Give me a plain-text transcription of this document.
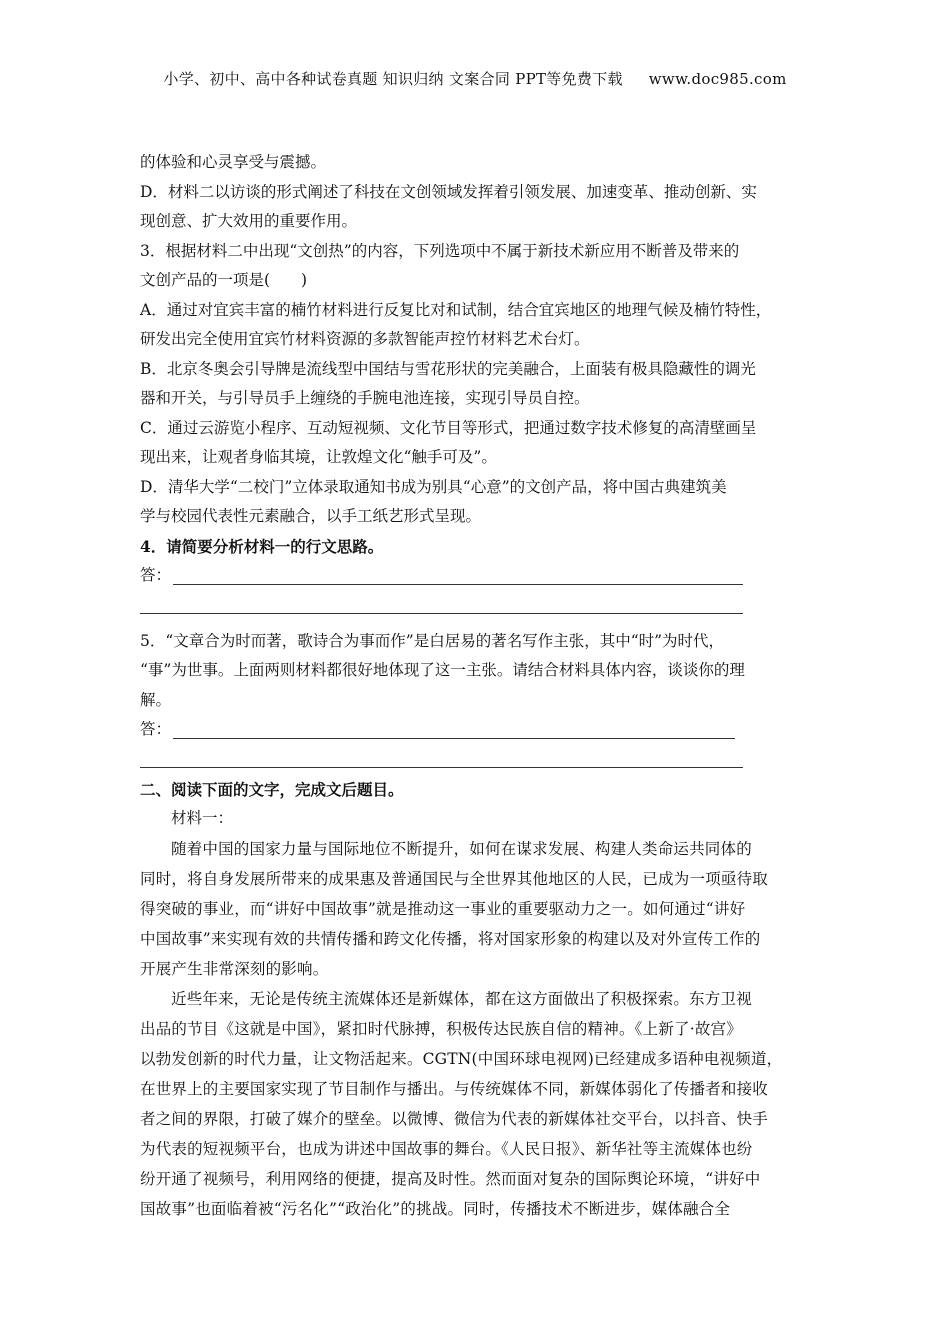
小学、初中、高中各种试卷真题 知识归纳 文案合同 PPT等免费下载 www.doc985.com
的体验和心灵享受与震撼。
D．材料二以访谈的形式阐述了科技在文创领域发挥着引领发展、加速变革、推动创新、实
现创意、扩大效用的重要作用。
3．根据材料二中出现“文创热”的内容，下列选项中不属于新技术新应用不断普及带来的
文创产品的一项是(　　)
A．通过对宜宾丰富的楠竹材料进行反复比对和试制，结合宜宾地区的地理气候及楠竹特性，
研发出完全使用宜宾竹材料资源的多款智能声控竹材料艺术台灯。
B．北京冬奥会引导牌是流线型中国结与雪花形状的完美融合，上面装有极具隐藏性的调光
器和开关，与引导员手上缠绕的手腕电池连接，实现引导员自控。
C．通过云游览小程序、互动短视频、文化节目等形式，把通过数字技术修复的高清壁画呈
现出来，让观者身临其境，让敦煌文化“触手可及”。
D．清华大学“二校门”立体录取通知书成为别具“心意”的文创产品，将中国古典建筑美
学与校园代表性元素融合，以手工纸艺形式呈现。
4．请简要分析材料一的行文思路。
答：
5．“文章合为时而著，歌诗合为事而作”是白居易的著名写作主张，其中“时”为时代，
“事”为世事。上面两则材料都很好地体现了这一主张。请结合材料具体内容，谈谈你的理
解。
答：
二、阅读下面的文字，完成文后题目。
材料一：
随着中国的国家力量与国际地位不断提升，如何在谋求发展、构建人类命运共同体的
同时，将自身发展所带来的成果惠及普通国民与全世界其他地区的人民，已成为一项亟待取
得突破的事业，而“讲好中国故事”就是推动这一事业的重要驱动力之一。如何通过“讲好
中国故事”来实现有效的共情传播和跨文化传播，将对国家形象的构建以及对外宣传工作的
开展产生非常深刻的影响。
近些年来，无论是传统主流媒体还是新媒体，都在这方面做出了积极探索。东方卫视
出品的节目《这就是中国》，紧扣时代脉搏，积极传达民族自信的精神。《上新了·故宫》
以勃发创新的时代力量，让文物活起来。CGTN(中国环球电视网)已经建成多语种电视频道，
在世界上的主要国家实现了节目制作与播出。与传统媒体不同，新媒体弱化了传播者和接收
者之间的界限，打破了媒介的壁垒。以微博、微信为代表的新媒体社交平台，以抖音、快手
为代表的短视频平台，也成为讲述中国故事的舞台。《人民日报》、新华社等主流媒体也纷
纷开通了视频号，利用网络的便捷，提高及时性。然而面对复杂的国际舆论环境，“讲好中
国故事”也面临着被“污名化”“政治化”的挑战。同时，传播技术不断进步，媒体融合全
